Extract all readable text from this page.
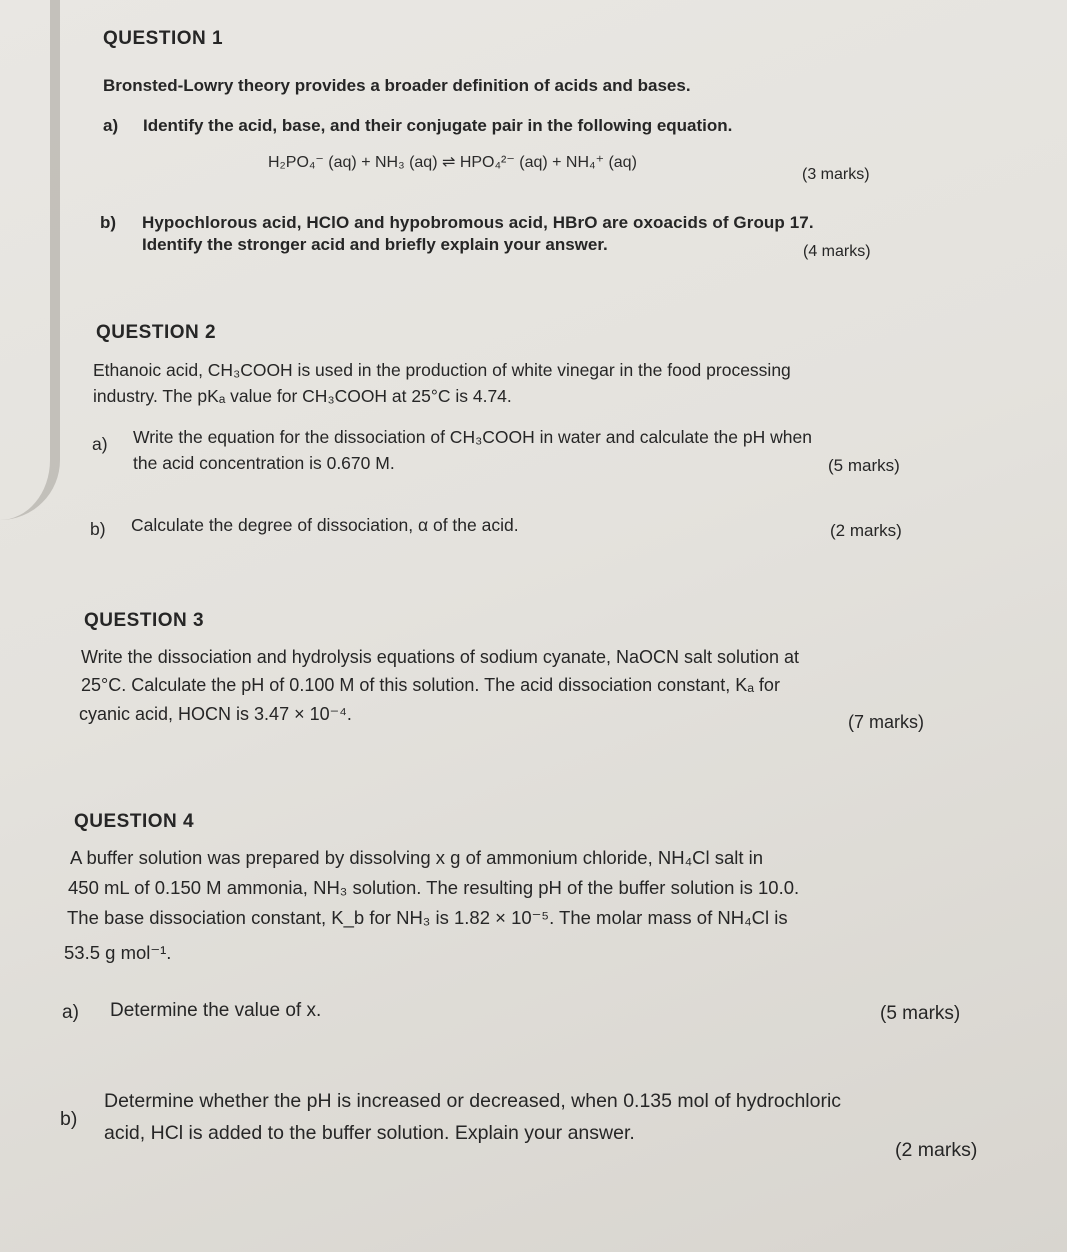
QUESTION 1
Bronsted-Lowry theory provides a broader definition of acids and bases.
a) Identify the acid, base, and their conjugate pair in the following equation.
H₂PO₄⁻ (aq) + NH₃ (aq) ⇌ HPO₄²⁻ (aq) + NH₄⁺ (aq)
(3 marks)
b) Hypochlorous acid, HClO and hypobromous acid, HBrO are oxoacids of Group 17.
Identify the stronger acid and briefly explain your answer.	(4 marks)
QUESTION 2
Ethanoic acid, CH₃COOH is used in the production of white vinegar in the food processing
industry. The pKₐ value for CH₃COOH at 25°C is 4.74.
a) Write the equation for the dissociation of CH₃COOH in water and calculate the pH when
the acid concentration is 0.670 M.	(5 marks)
b) Calculate the degree of dissociation, α of the acid.	(2 marks)
QUESTION 3
Write the dissociation and hydrolysis equations of sodium cyanate, NaOCN salt solution at
25°C. Calculate the pH of 0.100 M of this solution. The acid dissociation constant, Kₐ for
cyanic acid, HOCN is 3.47 × 10⁻⁴.	(7 marks)
QUESTION 4
A buffer solution was prepared by dissolving x g of ammonium chloride, NH₄Cl salt in
450 mL of 0.150 M ammonia, NH₃ solution. The resulting pH of the buffer solution is 10.0.
The base dissociation constant, K_b for NH₃ is 1.82 × 10⁻⁵. The molar mass of NH₄Cl is
53.5 g mol⁻¹.
a) Determine the value of x.	(5 marks)
b)
Determine whether the pH is increased or decreased, when 0.135 mol of hydrochloric
acid, HCl is added to the buffer solution. Explain your answer.
(2 marks)
